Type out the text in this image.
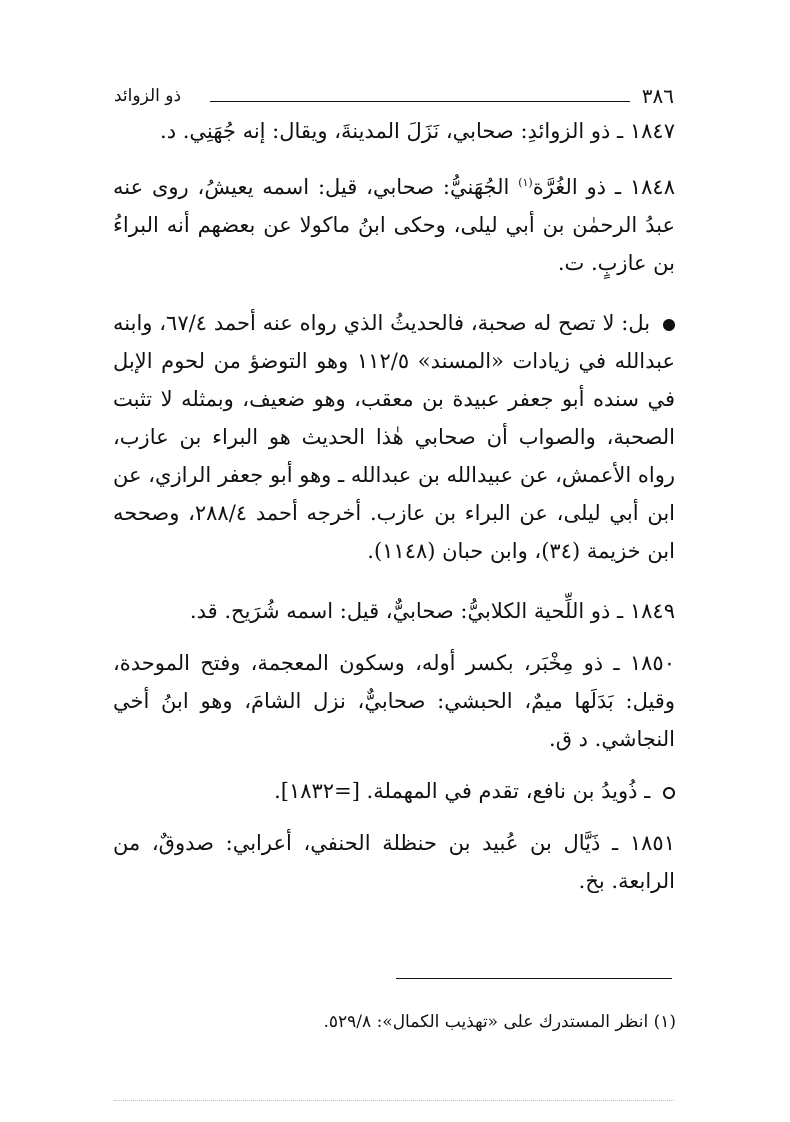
٣٨٦
ذو الزوائد

١٨٤٧ ـ ذو الزوائدِ: صحابي، نَزَلَ المدينةَ، ويقال: إنه جُهَنِي. د.

١٨٤٨ ـ ذو الغُرَّة$^{(١)}$ الجُهَنيُّ: صحابي، قيل: اسمه يعيشُ، روى عنه عبدُ الرحمٰن بن أبي ليلى، وحكى ابنُ ماكولا عن بعضهم أنه البراءُ بن عازبٍ. ت.

بل: لا تصح له صحبة، فالحديثُ الذي رواه عنه أحمد ٦٧/٤، وابنه عبدالله في زيادات «المسند» ١١٢/٥ وهو التوضؤ من لحوم الإبل في سنده أبو جعفر عبيدة بن معقب، وهو ضعيف، وبمثله لا تثبت الصحبة، والصواب أن صحابي هٰذا الحديث هو البراء بن عازب، رواه الأعمش، عن عبيدالله بن عبدالله ـ وهو أبو جعفر الرازي، عن ابن أبي ليلى، عن البراء بن عازب. أخرجه أحمد ٢٨٨/٤، وصححه ابن خزيمة (٣٤)، وابن حبان (١١٤٨).

١٨٤٩ ـ ذو اللِّحية الكلابيُّ: صحابيٌّ، قيل: اسمه شُرَيح. قد.

١٨٥٠ ـ ذو مِخْبَر، بكسر أوله، وسكون المعجمة، وفتح الموحدة، وقيل: بَدَلَها ميمٌ، الحبشي: صحابيٌّ، نزل الشامَ، وهو ابنُ أخي النجاشي. د ق.

ـ ذُويدُ بن نافع، تقدم في المهملة. [=١٨٣٢].

١٨٥١ ـ ذَيَّال بن عُبيد بن حنظلة الحنفي، أعرابي: صدوقٌ، من الرابعة. بخ.

(١) انظر المستدرك على «تهذيب الكمال»: ٥٢٩/٨.
